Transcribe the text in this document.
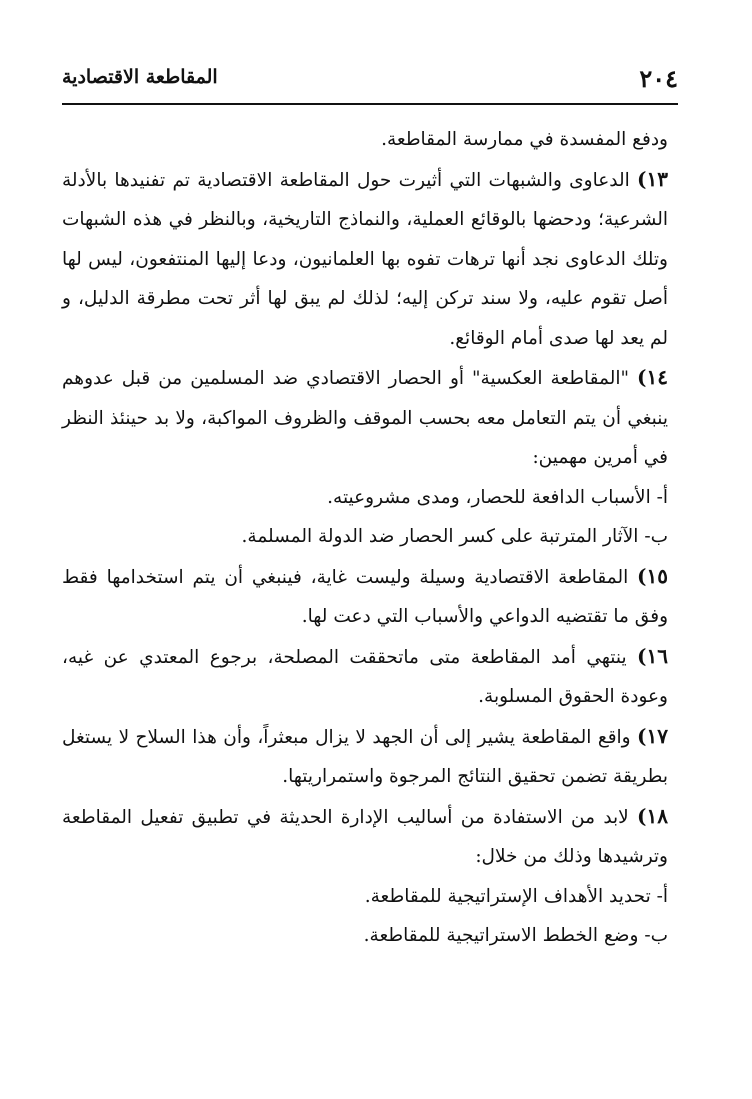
٢٠٤
المقاطعة الاقتصادية

ودفع المفسدة في ممارسة المقاطعة.

١٣) الدعاوى والشبهات التي أثيرت حول المقاطعة الاقتصادية تم تفنيدها بالأدلة الشرعية؛ ودحضها بالوقائع العملية، والنماذج التاريخية، وبالنظر في هذه الشبهات وتلك الدعاوى نجد أنها ترهات تفوه بها العلمانيون، ودعا إليها المنتفعون، ليس لها أصل تقوم عليه، ولا سند تركن إليه؛ لذلك لم يبق لها أثر تحت مطرقة الدليل، و لم يعد لها صدى أمام الوقائع.

١٤) "المقاطعة العكسية" أو الحصار الاقتصادي ضد المسلمين من قبل عدوهم ينبغي أن يتم التعامل معه بحسب الموقف والظروف المواكبة، ولا بد حينئذ النظر في أمرين مهمين:

أ- الأسباب الدافعة للحصار، ومدى مشروعيته.

ب- الآثار المترتبة على كسر الحصار ضد الدولة المسلمة.

١٥) المقاطعة الاقتصادية وسيلة وليست غاية، فينبغي أن يتم استخدامها فقط وفق ما تقتضيه الدواعي والأسباب التي دعت لها.

١٦) ينتهي أمد المقاطعة متى ماتحققت المصلحة، برجوع المعتدي عن غيه، وعودة الحقوق المسلوبة.

١٧) واقع المقاطعة يشير إلى أن الجهد لا يزال مبعثراً، وأن هذا السلاح لا يستغل بطريقة تضمن تحقيق النتائج المرجوة واستمراريتها.

١٨) لابد من الاستفادة من أساليب الإدارة الحديثة في تطبيق تفعيل المقاطعة وترشيدها وذلك من خلال:

أ- تحديد الأهداف الإستراتيجية للمقاطعة.

ب- وضع الخطط الاستراتيجية للمقاطعة.
